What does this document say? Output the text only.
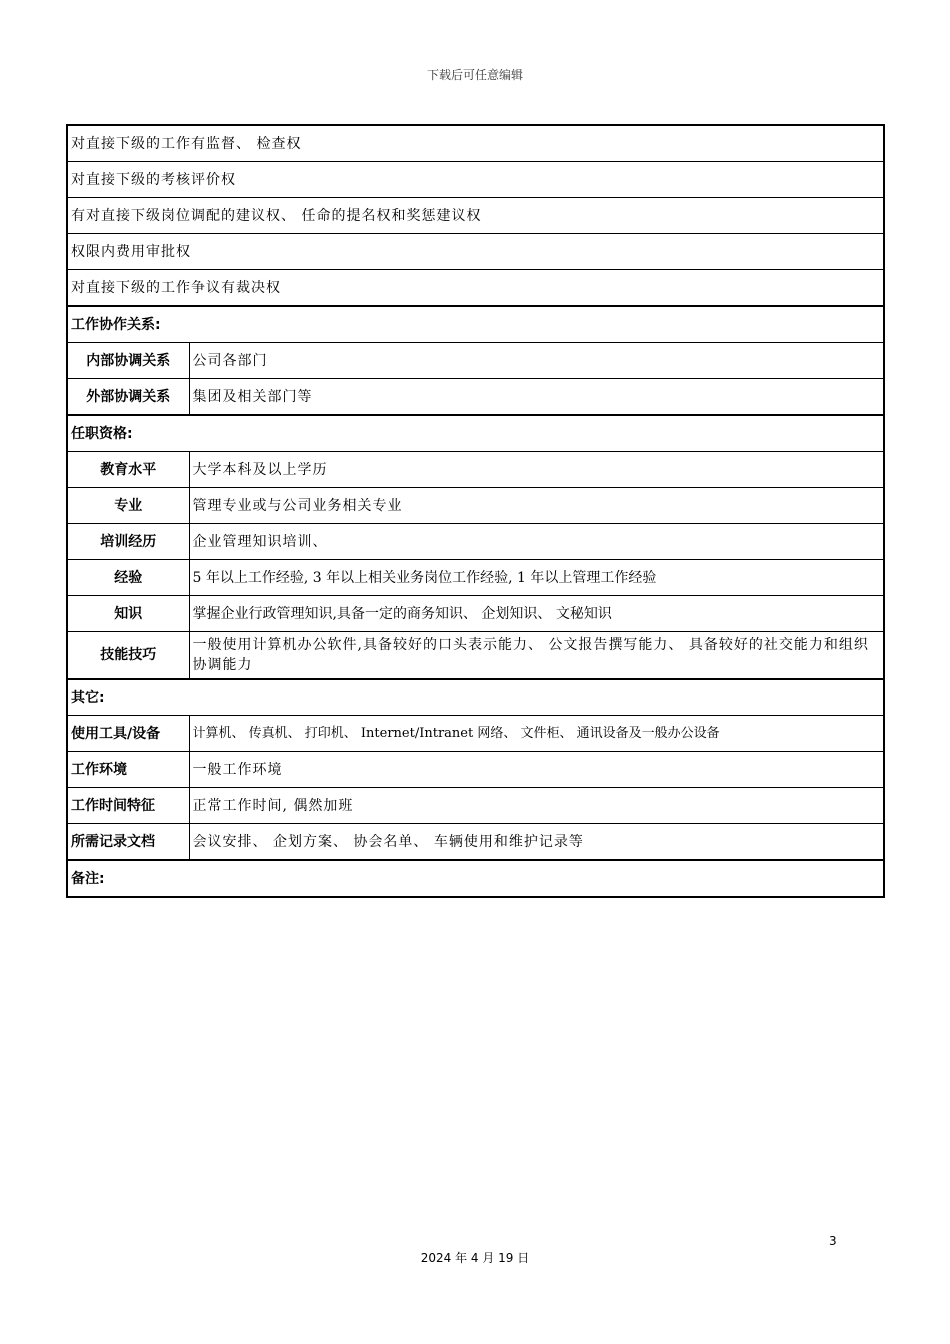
下载后可任意编辑
对直接下级的工作有监督、 检查权	
对直接下级的考核评价权	
有对直接下级岗位调配的建议权、 任命的提名权和奖惩建议权	
权限内费用审批权	
对直接下级的工作争议有裁决权	
工作协作关系:	
内部协调关系	公司各部门
外部协调关系	集团及相关部门等
任职资格:	
教育水平	大学本科及以上学历
专业	管理专业或与公司业务相关专业
培训经历	企业管理知识培训、
经验	5 年以上工作经验, 3 年以上相关业务岗位工作经验, 1 年以上管理工作经验
知识	掌握企业行政管理知识,具备一定的商务知识、 企划知识、 文秘知识
技能技巧	一般使用计算机办公软件,具备较好的口头表示能力、 公文报告撰写能力、 具备较好的社交能力和组织协调能力
其它:	
使用工具/设备	计算机、 传真机、 打印机、 Internet/Intranet 网络、 文件柜、 通讯设备及一般办公设备
工作环境	一般工作环境
工作时间特征	正常工作时间, 偶然加班
所需记录文档	会议安排、 企划方案、 协会名单、 车辆使用和维护记录等
备注:	
3
2024 年 4 月 19 日
